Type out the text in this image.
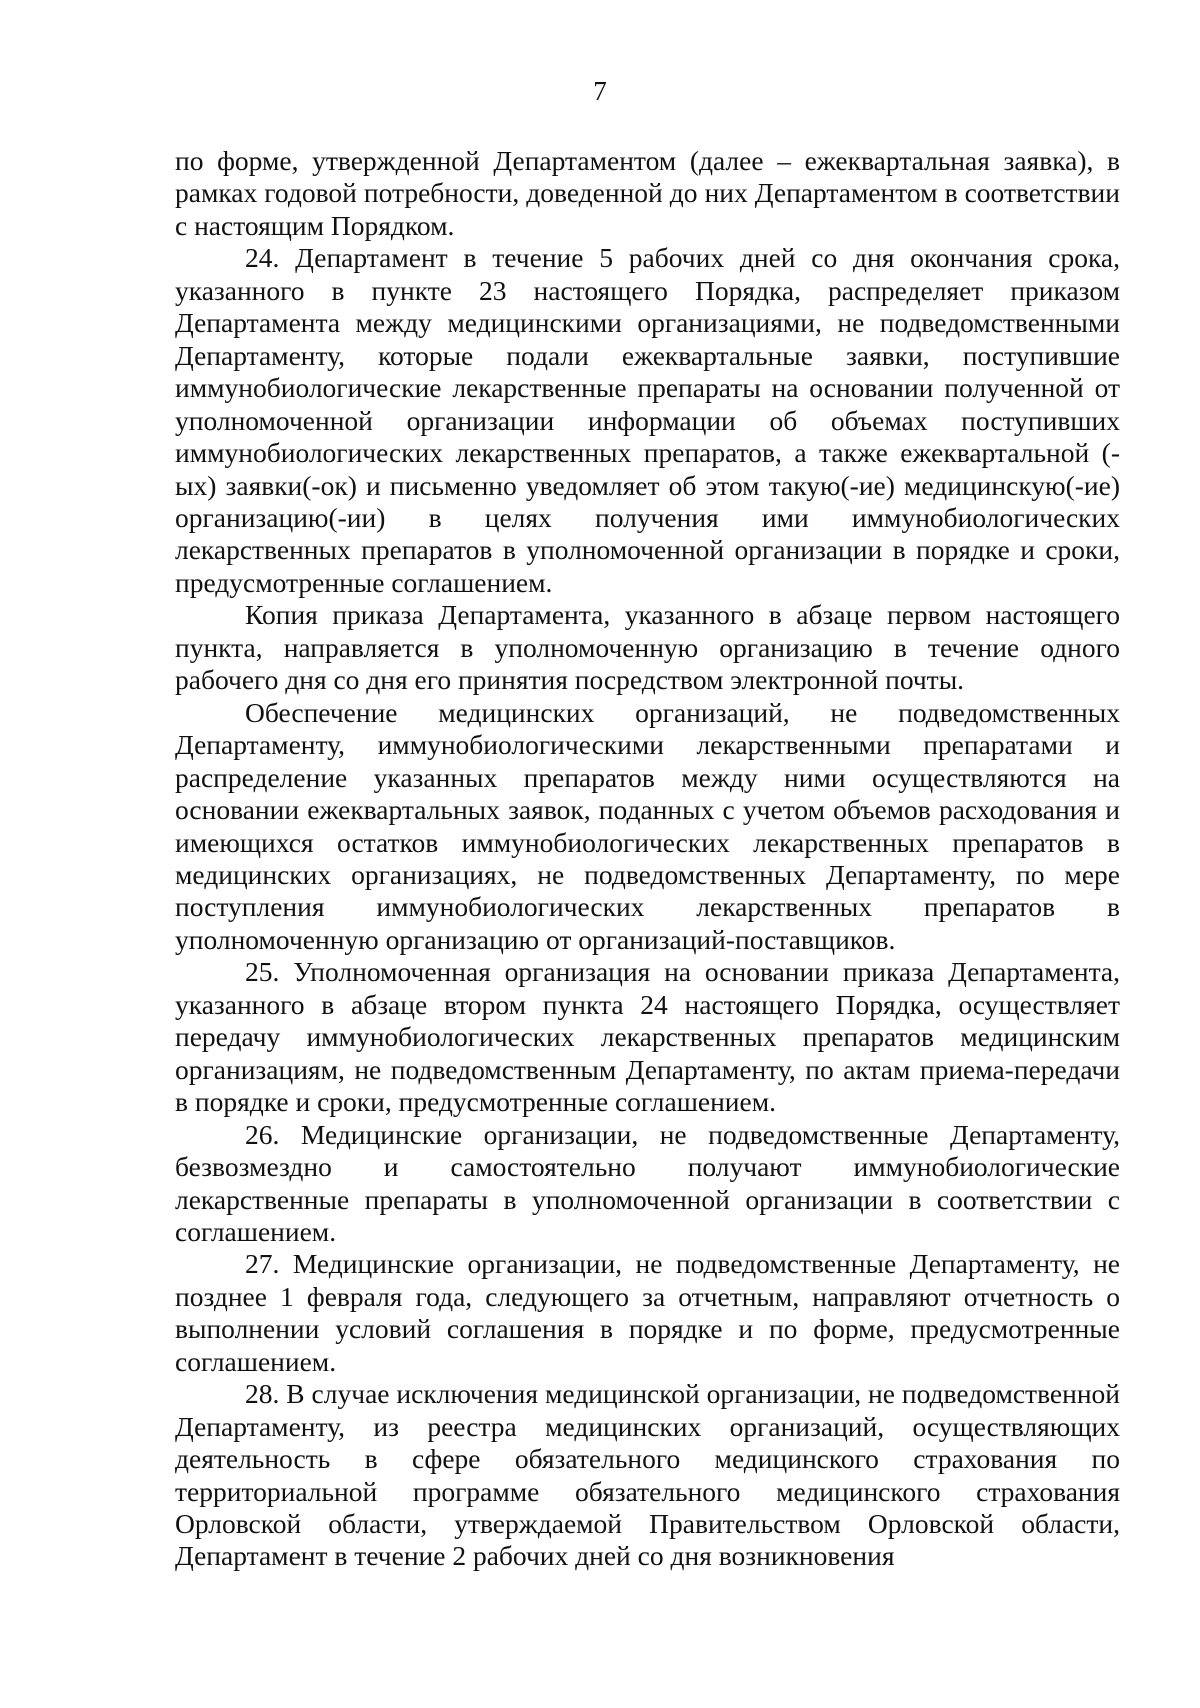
7

по форме, утвержденной Департаментом (далее – ежеквартальная заявка), в рамках годовой потребности, доведенной до них Департаментом в соответствии с настоящим Порядком.

24. Департамент в течение 5 рабочих дней со дня окончания срока, указанного в пункте 23 настоящего Порядка, распределяет приказом Департамента между медицинскими организациями, не подведомственными Департаменту, которые подали ежеквартальные заявки, поступившие иммунобиологические лекарственные препараты на основании полученной от уполномоченной организации информации об объемах поступивших иммунобиологических лекарственных препаратов, а также ежеквартальной (-ых) заявки(-ок) и письменно уведомляет об этом такую(-ие) медицинскую(-ие) организацию(-ии) в целях получения ими иммунобиологических лекарственных препаратов в уполномоченной организации в порядке и сроки, предусмотренные соглашением.

Копия приказа Департамента, указанного в абзаце первом настоящего пункта, направляется в уполномоченную организацию в течение одного рабочего дня со дня его принятия посредством электронной почты.

Обеспечение медицинских организаций, не подведомственных Департаменту, иммунобиологическими лекарственными препаратами и распределение указанных препаратов между ними осуществляются на основании ежеквартальных заявок, поданных с учетом объемов расходования и имеющихся остатков иммунобиологических лекарственных препаратов в медицинских организациях, не подведомственных Департаменту, по мере поступления иммунобиологических лекарственных препаратов в уполномоченную организацию от организаций-поставщиков.

25. Уполномоченная организация на основании приказа Департамента, указанного в абзаце втором пункта 24 настоящего Порядка, осуществляет передачу иммунобиологических лекарственных препаратов медицинским организациям, не подведомственным Департаменту, по актам приема-передачи в порядке и сроки, предусмотренные соглашением.

26. Медицинские организации, не подведомственные Департаменту, безвозмездно и самостоятельно получают иммунобиологические лекарственные препараты в уполномоченной организации в соответствии с соглашением.

27. Медицинские организации, не подведомственные Департаменту, не позднее 1 февраля года, следующего за отчетным, направляют отчетность о выполнении условий соглашения в порядке и по форме, предусмотренные соглашением.

28. В случае исключения медицинской организации, не подведомственной Департаменту, из реестра медицинских организаций, осуществляющих деятельность в сфере обязательного медицинского страхования по территориальной программе обязательного медицинского страхования Орловской области, утверждаемой Правительством Орловской области, Департамент в течение 2 рабочих дней со дня возникновения
